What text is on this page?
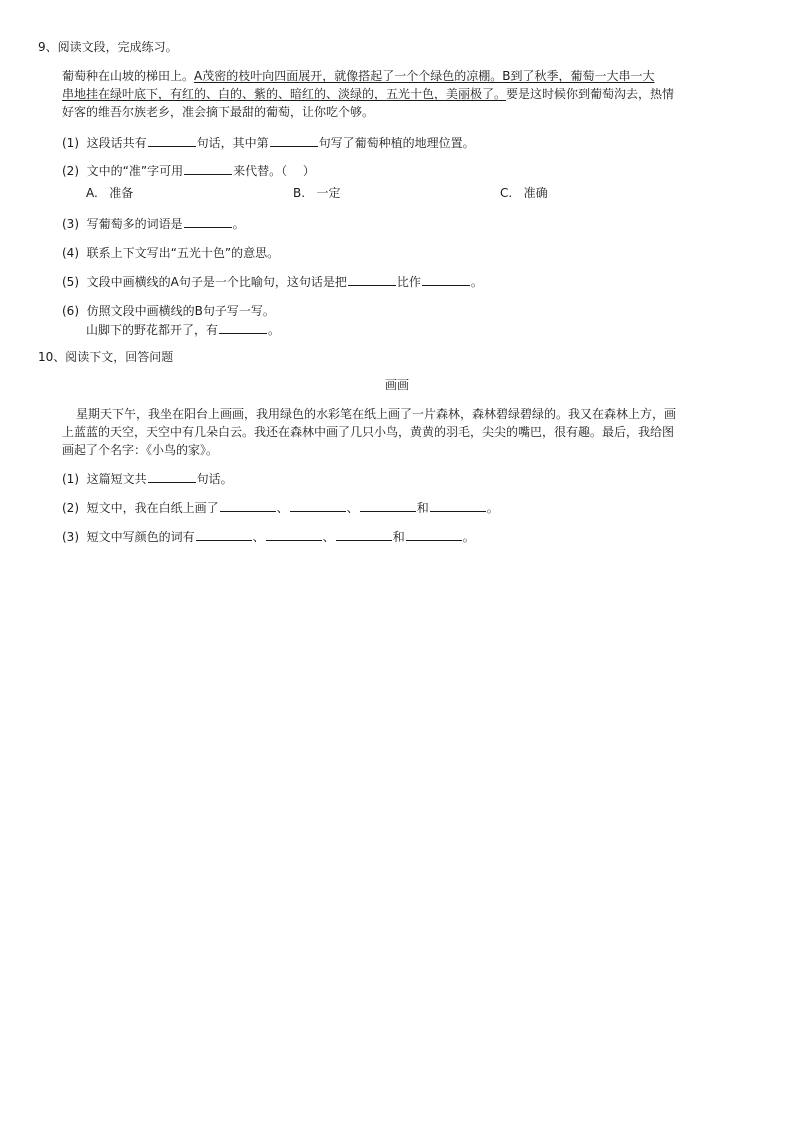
9、阅读文段，完成练习。
葡萄种在山坡的梯田上。A茂密的枝叶向四面展开，就像搭起了一个个绿色的凉棚。B到了秋季，葡萄一大串一大
串地挂在绿叶底下，有红的、白的、紫的、暗红的、淡绿的，五光十色，美丽极了。要是这时候你到葡萄沟去，热情
好客的维吾尔族老乡，准会摘下最甜的葡萄，让你吃个够。
(1) 这段话共有	句话，其中第	句写了葡萄种植的地理位置。
(2) 文中的“准”字可用	来代替。（　 ）
A. 准备	B. 一定	C. 准确
(3) 写葡萄多的词语是	。
(4) 联系上下文写出“五光十色”的意思。
(5) 文段中画横线的A句子是一个比喻句，这句话是把	比作	。
(6) 仿照文段中画横线的B句子写一写。
山脚下的野花都开了，有	。
10、阅读下文，回答问题
画画
星期天下午，我坐在阳台上画画，我用绿色的水彩笔在纸上画了一片森林，森林碧绿碧绿的。我又在森林上方，画
上蓝蓝的天空，天空中有几朵白云。我还在森林中画了几只小鸟，黄黄的羽毛，尖尖的嘴巴，很有趣。最后，我给图
画起了个名字：《小鸟的家》。
(1) 这篇短文共	句话。
(2) 短文中，我在白纸上画了	、	、	和	。
(3) 短文中写颜色的词有	、	、	和	。
